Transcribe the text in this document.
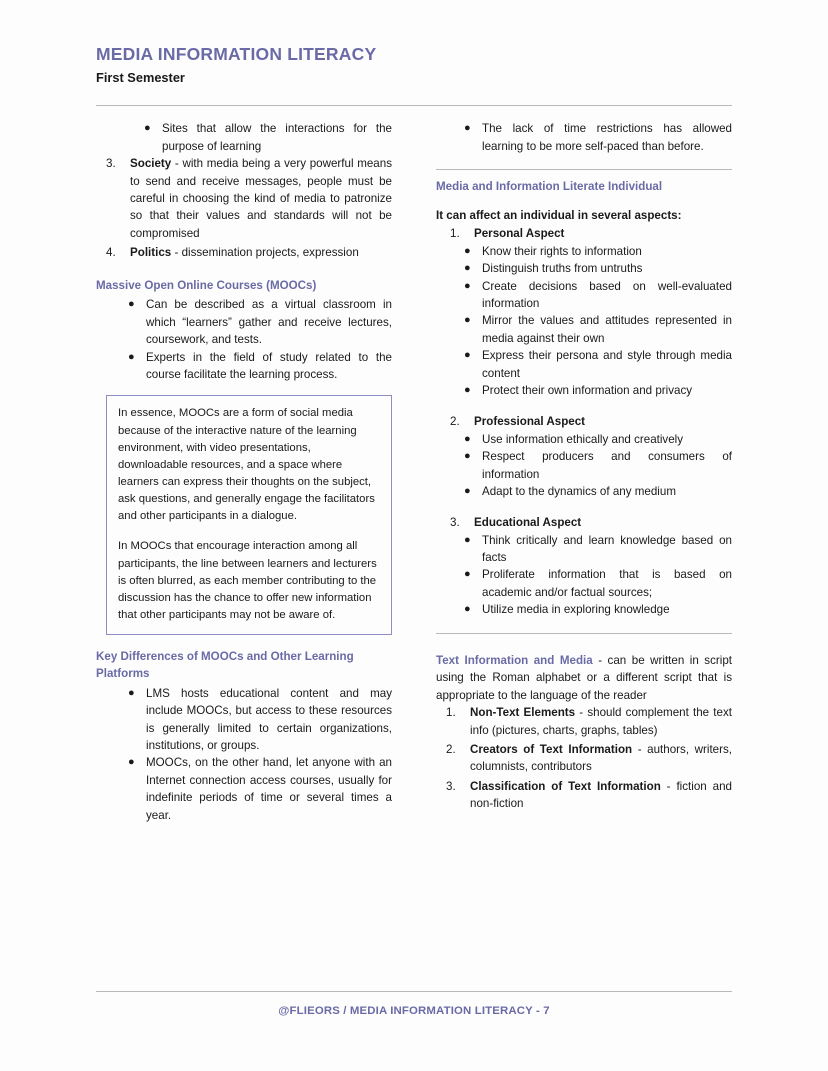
MEDIA INFORMATION LITERACY
First Semester
● Sites that allow the interactions for the purpose of learning
3.	Society - with media being a very powerful means to send and receive messages, people must be careful in choosing the kind of media to patronize so that their values and standards will not be compromised
4.	Politics - dissemination projects, expression
Massive Open Online Courses (MOOCs)
● Can be described as a virtual classroom in which “learners” gather and receive lectures, coursework, and tests.
● Experts in the field of study related to the course facilitate the learning process.

In essence, MOOCs are a form of social media because of the interactive nature of the learning environment, with video presentations, downloadable resources, and a space where learners can express their thoughts on the subject, ask questions, and generally engage the facilitators and other participants in a dialogue.

In MOOCs that encourage interaction among all participants, the line between learners and lecturers is often blurred, as each member contributing to the discussion has the chance to offer new information that other participants may not be aware of.

Key Differences of MOOCs and Other Learning Platforms
● LMS hosts educational content and may include MOOCs, but access to these resources is generally limited to certain organizations, institutions, or groups.
● MOOCs, on the other hand, let anyone with an Internet connection access courses, usually for indefinite periods of time or several times a year.
● The lack of time restrictions has allowed learning to be more self-paced than before.
Media and Information Literate Individual
It can affect an individual in several aspects:
1.	Personal Aspect
● Know their rights to information
● Distinguish truths from untruths
● Create decisions based on well-evaluated information
● Mirror the values and attitudes represented in media against their own
● Express their persona and style through media content
● Protect their own information and privacy
2.	Professional Aspect
● Use information ethically and creatively
● Respect producers and consumers of information
● Adapt to the dynamics of any medium
3.	Educational Aspect
● Think critically and learn knowledge based on facts
● Proliferate information that is based on academic and/or factual sources;
● Utilize media in exploring knowledge

Text Information and Media - can be written in script using the Roman alphabet or a different script that is appropriate to the language of the reader

1.	Non-Text Elements - should complement the text info (pictures, charts, graphs, tables)
2.	Creators of Text Information - authors, writers, columnists, contributors
3.	Classification of Text Information - fiction and non-fiction
@FLIEORS / MEDIA INFORMATION LITERACY - 7
